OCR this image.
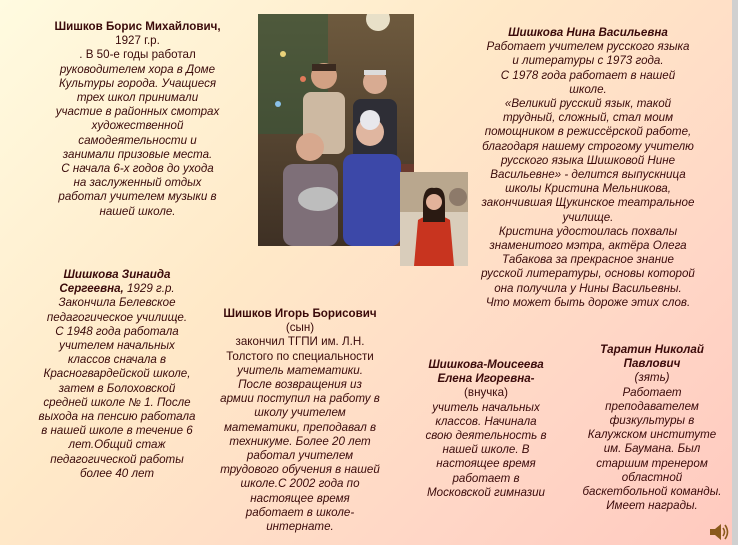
Шишков Борис Михайлович,
1927 г.р.
. В 50-е годы работал
руководителем хора в Доме
Культуры города. Учащиеся
трех школ принимали
участие в районных смотрах
художественной
самодеятельности и
занимали призовые места.
С начала 6-х годов до ухода
на заслуженный отдых
работал учителем музыки в
нашей школе.
Шишкова Нина Васильевна
Работает учителем русского языка
и литературы с 1973 года.
С 1978 года работает в нашей
школе.
«Великий русский язык, такой
трудный, сложный, стал моим
помощником в режиссёрской работе,
благодаря нашему строгому учителю
русского языка Шишковой Нине
Васильевне» - делится выпускница
школы Кристина Мельникова,
закончившая Щукинское театральное
училище.
Кристина удостоилась похвалы
знаменитого мэтра, актёра Олега
Табакова за прекрасное знание
русской литературы, основы которой
она получила у Нины Васильевны.
Что может быть дороже этих слов.
Шишкова Зинаида
Сергеевна, 1929 г.р.
Закончила Белевское
педагогическое училище.
С 1948 года работала
учителем начальных
классов сначала в
Красногвардейской школе,
затем в Болоховской
средней школе № 1. После
выхода на пенсию работала
в нашей школе в течение 6
лет.Общий стаж
педагогической работы
более 40 лет
Шишков Игорь Борисович
(сын)
закончил ТГПИ им. Л.Н.
Толстого по специальности
учитель математики.
После возвращения из
армии поступил на работу в
школу учителем
математики, преподавал в
техникуме. Более 20 лет
работал учителем
трудового обучения в нашей
школе.С 2002 года по
настоящее время
работает в школе-
интернате.
Шишкова-Моисеева
Елена Игоревна-
(внучка)
учитель начальных
классов. Начинала
свою деятельность в
нашей школе. В
настоящее время
работает в
Московской гимназии
Таратин Николай
Павлович
(зять)
Работает
преподавателем
физкультуры в
Калужском институте
им. Баумана. Был
старшим тренером
областной
баскетбольной команды.
Имеет награды.
